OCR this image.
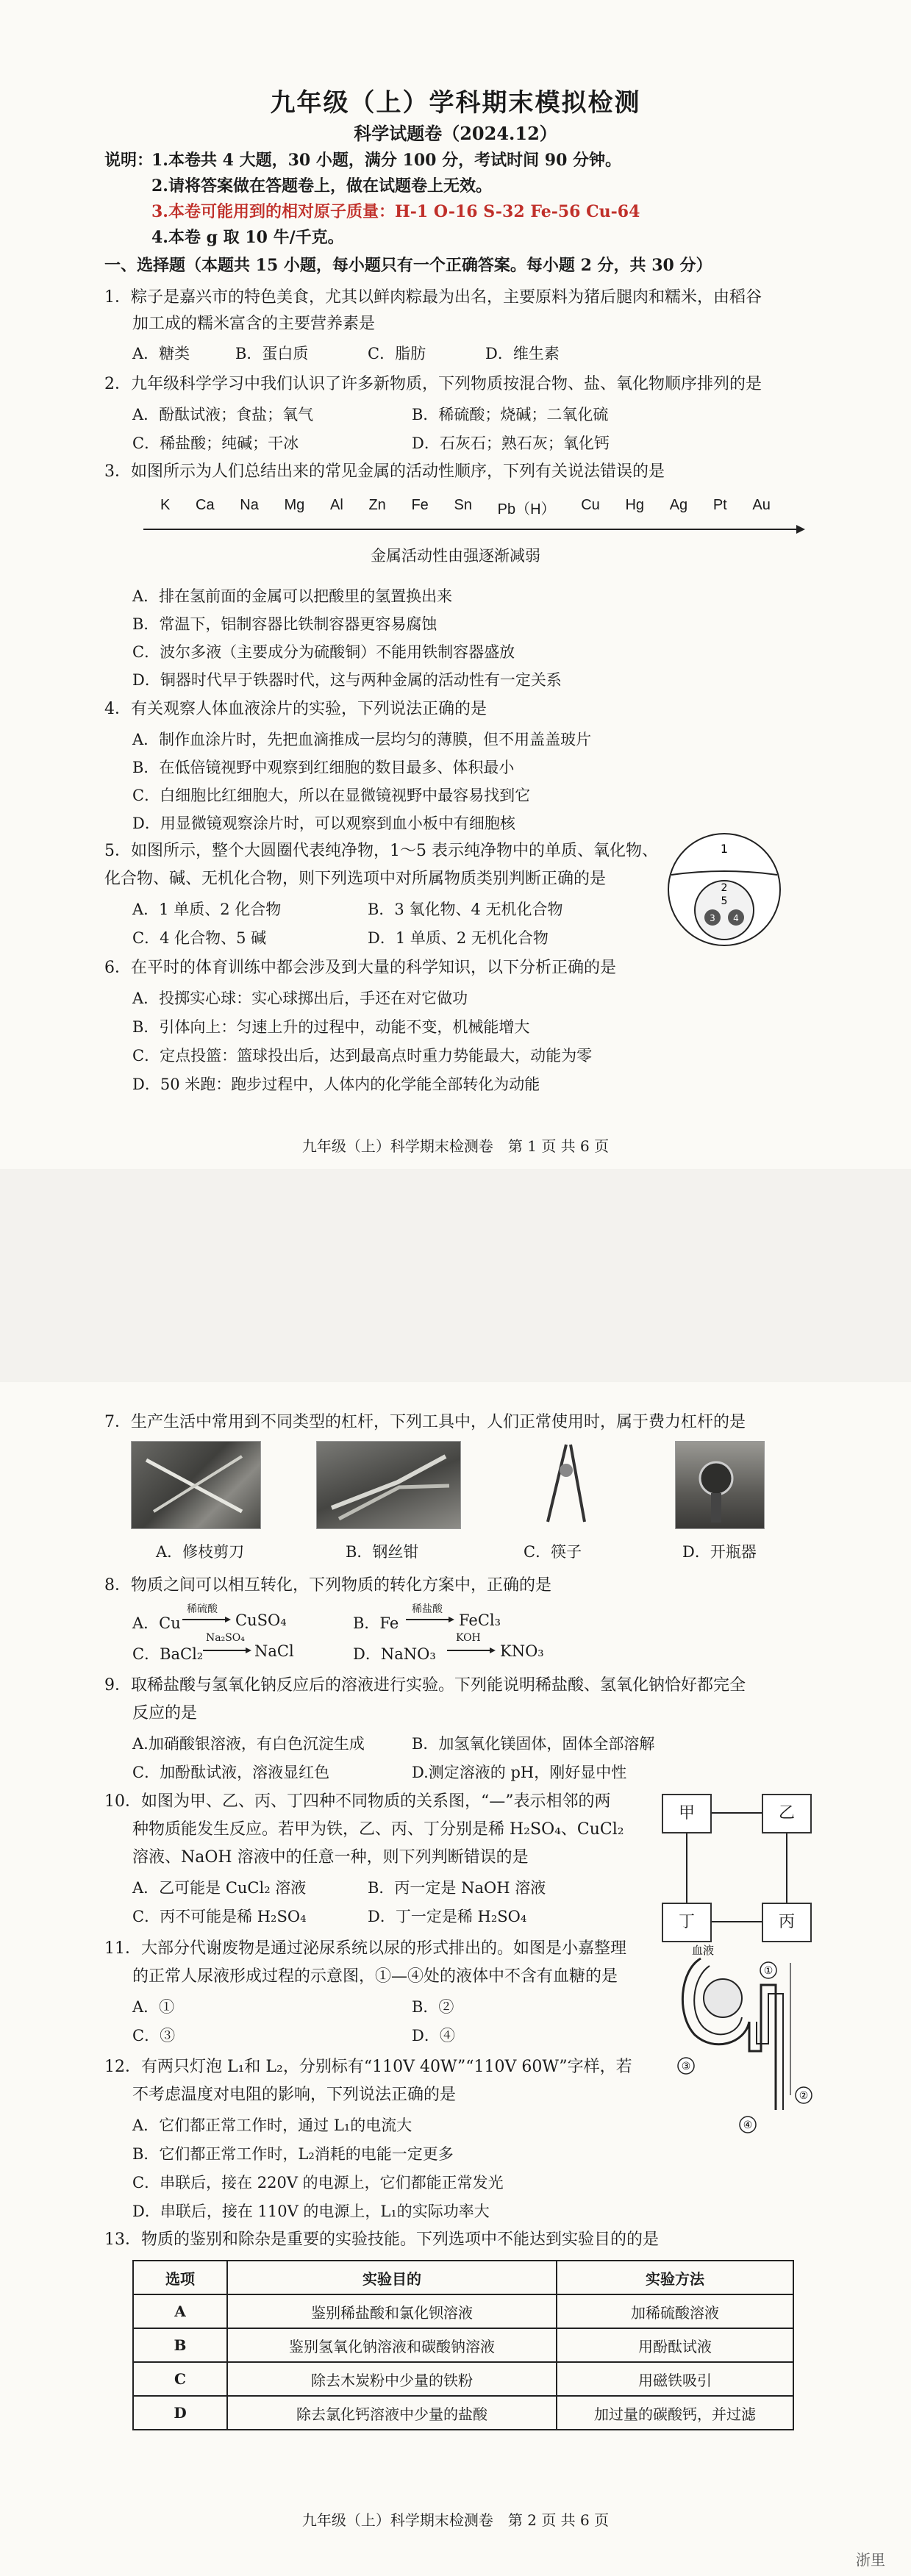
九年级（上）学科期末模拟检测
科学试题卷（2024.12）
说明：
1.本卷共 4 大题，30 小题，满分 100 分，考试时间 90 分钟。
2.请将答案做在答题卷上，做在试题卷上无效。
3.本卷可能用到的相对原子质量：H-1 O-16 S-32 Fe-56 Cu-64
4.本卷 g 取 10 牛/千克。
一、选择题（本题共 15 小题，每小题只有一个正确答案。每小题 2 分，共 30 分）
1．粽子是嘉兴市的特色美食，尤其以鲜肉粽最为出名，主要原料为猪后腿肉和糯米，由稻谷
加工成的糯米富含的主要营养素是
A．糖类	B．蛋白质	C．脂肪	D．维生素
2．九年级科学学习中我们认识了许多新物质，下列物质按混合物、盐、氧化物顺序排列的是
A．酚酞试液；食盐；氧气	B．稀硫酸；烧碱；二氧化硫
C．稀盐酸；纯碱；干冰	D．石灰石；熟石灰；氧化钙
3．如图所示为人们总结出来的常见金属的活动性顺序，下列有关说法错误的是
K Ca Na Mg Al Zn Fe Sn Pb（H） Cu Hg Ag Pt Au
金属活动性由强逐渐减弱
A．排在氢前面的金属可以把酸里的氢置换出来
B．常温下，铝制容器比铁制容器更容易腐蚀
C．波尔多液（主要成分为硫酸铜）不能用铁制容器盛放
D．铜器时代早于铁器时代，这与两种金属的活动性有一定关系
4．有关观察人体血液涂片的实验，下列说法正确的是
A．制作血涂片时，先把血滴推成一层均匀的薄膜，但不用盖盖玻片
B．在低倍镜视野中观察到红细胞的数目最多、体积最小
C．白细胞比红细胞大，所以在显微镜视野中最容易找到它
D．用显微镜观察涂片时，可以观察到血小板中有细胞核
5．如图所示，整个大圆圈代表纯净物，1～5 表示纯净物中的单质、氧化物、
化合物、碱、无机化合物，则下列选项中对所属物质类别判断正确的是
A．1 单质、2 化合物	B．3 氧化物、4 无机化合物
C．4 化合物、5 碱	D．1 单质、2 无机化合物
1
2
5
3 4
6．在平时的体育训练中都会涉及到大量的科学知识，以下分析正确的是
A．投掷实心球：实心球掷出后，手还在对它做功
B．引体向上：匀速上升的过程中，动能不变，机械能增大
C．定点投篮：篮球投出后，达到最高点时重力势能最大，动能为零
D．50 米跑：跑步过程中，人体内的化学能全部转化为动能
九年级（上）科学期末检测卷　第 1 页 共 6 页
7．生产生活中常用到不同类型的杠杆，下列工具中，人们正常使用时，属于费力杠杆的是
A．修枝剪刀	B．钢丝钳	C．筷子	D．开瓶器
8．物质之间可以相互转化，下列物质的转化方案中，正确的是
A．Cu
稀硫酸
CuSO₄	B．Fe
稀盐酸
FeCl₃
C．BaCl₂
Na₂SO₄
NaCl	D．NaNO₃
KOH
KNO₃
9．取稀盐酸与氢氧化钠反应后的溶液进行实验。下列能说明稀盐酸、氢氧化钠恰好都完全
反应的是
A.加硝酸银溶液，有白色沉淀生成	B．加氢氧化镁固体，固体全部溶解
C．加酚酞试液，溶液显红色	D.测定溶液的 pH，刚好显中性
10．如图为甲、乙、丙、丁四种不同物质的关系图，“—”表示相邻的两
种物质能发生反应。若甲为铁，乙、丙、丁分别是稀 H₂SO₄、CuCl₂
溶液、NaOH 溶液中的任意一种，则下列判断错误的是
A．乙可能是 CuCl₂ 溶液	B．丙一定是 NaOH 溶液
C．丙不可能是稀 H₂SO₄	D．丁一定是稀 H₂SO₄
甲	乙
丁	丙
11．大部分代谢废物是通过泌尿系统以尿的形式排出的。如图是小嘉整理
的正常人尿液形成过程的示意图，①—④处的液体中不含有血糖的是
A．①	B．②
C．③	D．④
血液
①
②
③
④
12．有两只灯泡 L₁和 L₂，分别标有“110V 40W”“110V 60W”字样，若
不考虑温度对电阻的影响，下列说法正确的是
A．它们都正常工作时，通过 L₁的电流大
B．它们都正常工作时，L₂消耗的电能一定更多
C．串联后，接在 220V 的电源上，它们都能正常发光
D．串联后，接在 110V 的电源上，L₁的实际功率大
13．物质的鉴别和除杂是重要的实验技能。下列选项中不能达到实验目的的是
选项	实验目的	实验方法
A	鉴别稀盐酸和氯化钡溶液	加稀硫酸溶液
B	鉴别氢氧化钠溶液和碳酸钠溶液	用酚酞试液
C	除去木炭粉中少量的铁粉	用磁铁吸引
D	除去氯化钙溶液中少量的盐酸	加过量的碳酸钙，并过滤
九年级（上）科学期末检测卷　第 2 页 共 6 页
浙里
